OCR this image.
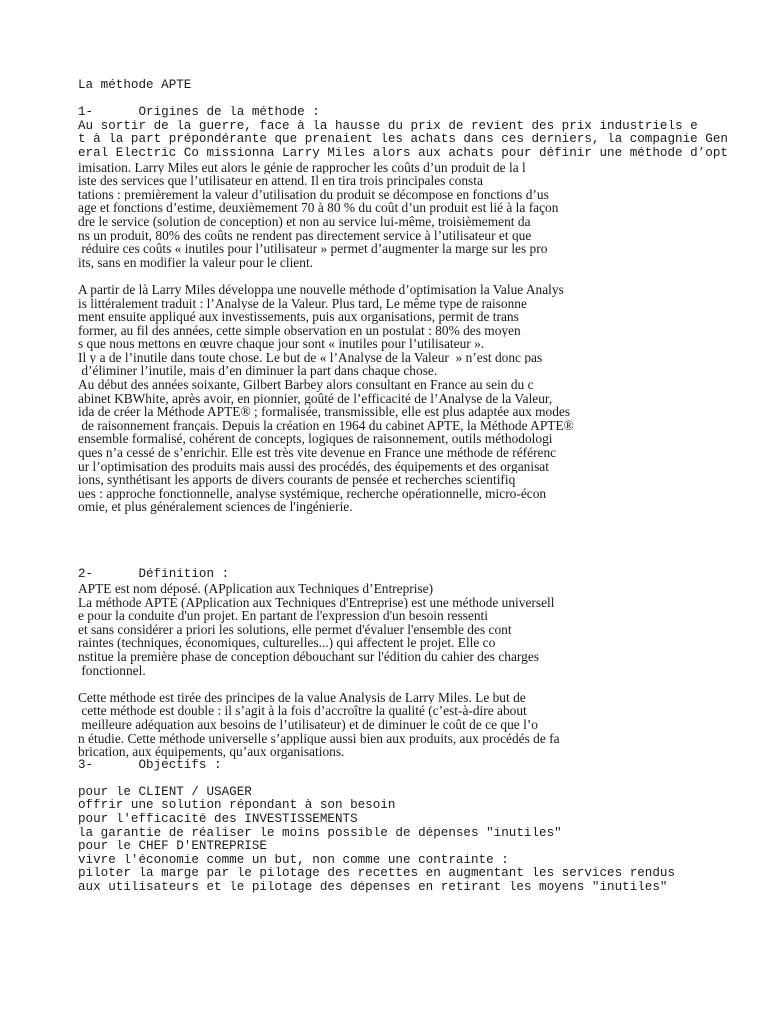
La méthode APTE
1-      Origines de la méthode :
Au sortir de la guerre, face à la hausse du prix de revient des prix industriels e
t à la part prépondérante que prenaient les achats dans ces derniers, la compagnie Gen
eral Electric Co missionna Larry Miles alors aux achats pour définir une méthode d’opt
imisation. Larry Miles eut alors le génie de rapprocher les coûts d’un produit de la l
iste des services que l’utilisateur en attend. Il en tira trois principales consta
tations : premièrement la valeur d’utilisation du produit se décompose en fonctions d’us
age et fonctions d’estime, deuxièmement 70 à 80 % du coût d’un produit est lié à la façon
dre le service (solution de conception) et non au service lui-même, troisièmement da
ns un produit, 80% des coûts ne rendent pas directement service à l’utilisateur et que
réduire ces coûts « inutiles pour l’utilisateur » permet d’augmenter la marge sur les pro
its, sans en modifier la valeur pour le client.
A partir de là Larry Miles développa une nouvelle méthode d’optimisation la Value Analys
is littéralement traduit : l’Analyse de la Valeur. Plus tard, Le même type de raisonne
ment ensuite appliqué aux investissements, puis aux organisations, permit de trans
former, au fil des années, cette simple observation en un postulat : 80% des moyen
s que nous mettons en œuvre chaque jour sont « inutiles pour l’utilisateur ».
Il y a de l’inutile dans toute chose. Le but de « l’Analyse de la Valeur  » n’est donc pas
d’éliminer l’inutile, mais d’en diminuer la part dans chaque chose.
Au début des années soixante, Gilbert Barbey alors consultant en France au sein du c
abinet KBWhite, après avoir, en pionnier, goûté de l’efficacité de l’Analyse de la Valeur,
ida de créer la Méthode APTE® ; formalisée, transmissible, elle est plus adaptée aux modes
de raisonnement français. Depuis la création en 1964 du cabinet APTE, la Méthode APTE®
ensemble formalisé, cohérent de concepts, logiques de raisonnement, outils méthodologi
ques n’a cessé de s’enrichir. Elle est très vite devenue en France une méthode de référenc
ur l’optimisation des produits mais aussi des procédés, des équipements et des organisat
ions, synthétisant les apports de divers courants de pensée et recherches scientifiq
ues : approche fonctionnelle, analyse systémique, recherche opérationnelle, micro-écon
omie, et plus généralement sciences de l'ingénierie.
2-      Définition :
APTE est nom déposé. (APplication aux Techniques d’Entreprise)
La méthode APTE (APplication aux Techniques d'Entreprise) est une méthode universell
e pour la conduite d'un projet. En partant de l'expression d'un besoin ressenti
et sans considérer a priori les solutions, elle permet d'évaluer l'ensemble des cont
raintes (techniques, économiques, culturelles...) qui affectent le projet. Elle co
nstitue la première phase de conception débouchant sur l'édition du cahier des charges
fonctionnel.
Cette méthode est tirée des principes de la value Analysis de Larry Miles. Le but de
cette méthode est double : il s’agit à la fois d’accroître la qualité (c’est-à-dire about
meilleure adéquation aux besoins de l’utilisateur) et de diminuer le coût de ce que l’o
n étudie. Cette méthode universelle s’applique aussi bien aux produits, aux procédés de fa
brication, aux équipements, qu’aux organisations.
3-      Objectifs :
pour le CLIENT / USAGER
offrir une solution répondant à son besoin
pour l'efficacité des INVESTISSEMENTS
la garantie de réaliser le moins possible de dépenses "inutiles"
pour le CHEF D'ENTREPRISE
vivre l'économie comme un but, non comme une contrainte :
piloter la marge par le pilotage des recettes en augmentant les services rendus
aux utilisateurs et le pilotage des dépenses en retirant les moyens "inutiles"
